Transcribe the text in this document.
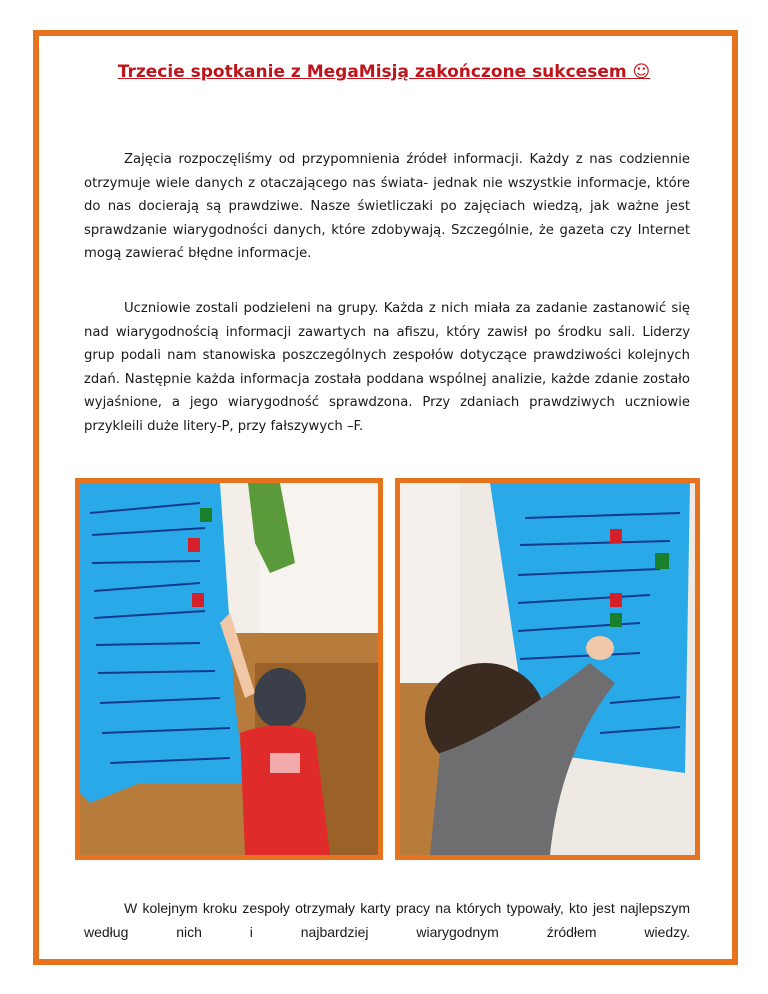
Trzecie spotkanie z MegaMisją zakończone sukcesem ☺

Zajęcia rozpoczęliśmy od przypomnienia źródeł informacji. Każdy z nas codziennie otrzymuje wiele danych z otaczającego nas świata- jednak nie wszystkie informacje, które do nas docierają są prawdziwe. Nasze świetliczaki po zajęciach wiedzą, jak ważne jest sprawdzanie wiarygodności danych, które zdobywają. Szczególnie, że gazeta czy Internet mogą zawierać błędne informacje.

Uczniowie zostali podzieleni na grupy. Każda z nich miała za zadanie zastanowić się nad wiarygodnością informacji zawartych na afiszu, który zawisł po środku sali. Liderzy grup podali nam stanowiska poszczególnych zespołów dotyczące prawdziwości kolejnych zdań. Następnie każda informacja została poddana wspólnej analizie, każde zdanie zostało wyjaśnione, a jego wiarygodność sprawdzona. Przy zdaniach prawdziwych uczniowie przykleili duże litery-P, przy fałszywych –F.

W kolejnym kroku zespoły otrzymały karty pracy na których typowały, kto jest najlepszym według nich i najbardziej wiarygodnym źródłem wiedzy.
